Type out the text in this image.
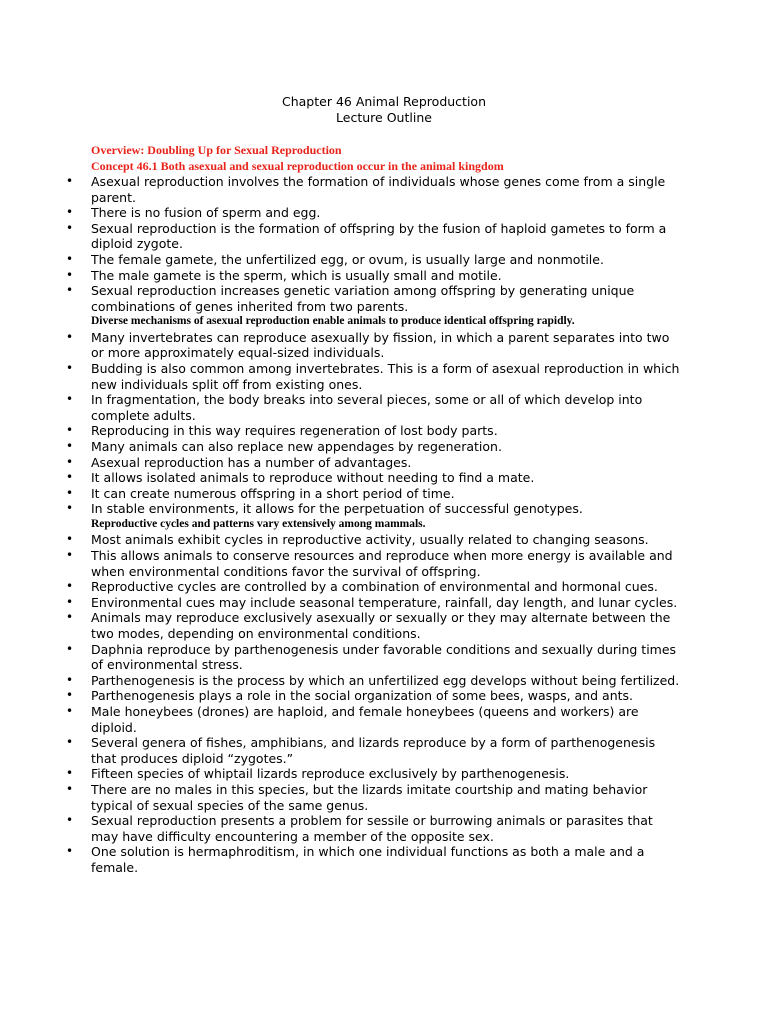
Chapter 46 Animal Reproduction
Lecture Outline
Overview: Doubling Up for Sexual Reproduction
Concept 46.1 Both asexual and sexual reproduction occur in the animal kingdom
• Asexual reproduction involves the formation of individuals whose genes come from a single parent.
• There is no fusion of sperm and egg.
• Sexual reproduction is the formation of offspring by the fusion of haploid gametes to form a diploid zygote.
• The female gamete, the unfertilized egg, or ovum, is usually large and nonmotile.
• The male gamete is the sperm, which is usually small and motile.
• Sexual reproduction increases genetic variation among offspring by generating unique combinations of genes inherited from two parents.
Diverse mechanisms of asexual reproduction enable animals to produce identical offspring rapidly.
• Many invertebrates can reproduce asexually by fission, in which a parent separates into two or more approximately equal-sized individuals.
• Budding is also common among invertebrates. This is a form of asexual reproduction in which new individuals split off from existing ones.
• In fragmentation, the body breaks into several pieces, some or all of which develop into complete adults.
• Reproducing in this way requires regeneration of lost body parts.
• Many animals can also replace new appendages by regeneration.
• Asexual reproduction has a number of advantages.
• It allows isolated animals to reproduce without needing to find a mate.
• It can create numerous offspring in a short period of time.
• In stable environments, it allows for the perpetuation of successful genotypes.
Reproductive cycles and patterns vary extensively among mammals.
• Most animals exhibit cycles in reproductive activity, usually related to changing seasons.
• This allows animals to conserve resources and reproduce when more energy is available and when environmental conditions favor the survival of offspring.
• Reproductive cycles are controlled by a combination of environmental and hormonal cues.
• Environmental cues may include seasonal temperature, rainfall, day length, and lunar cycles.
• Animals may reproduce exclusively asexually or sexually or they may alternate between the two modes, depending on environmental conditions.
• Daphnia reproduce by parthenogenesis under favorable conditions and sexually during times of environmental stress.
• Parthenogenesis is the process by which an unfertilized egg develops without being fertilized.
• Parthenogenesis plays a role in the social organization of some bees, wasps, and ants.
• Male honeybees (drones) are haploid, and female honeybees (queens and workers) are diploid.
• Several genera of fishes, amphibians, and lizards reproduce by a form of parthenogenesis that produces diploid “zygotes.”
• Fifteen species of whiptail lizards reproduce exclusively by parthenogenesis.
• There are no males in this species, but the lizards imitate courtship and mating behavior typical of sexual species of the same genus.
• Sexual reproduction presents a problem for sessile or burrowing animals or parasites that may have difficulty encountering a member of the opposite sex.
• One solution is hermaphroditism, in which one individual functions as both a male and a female.
